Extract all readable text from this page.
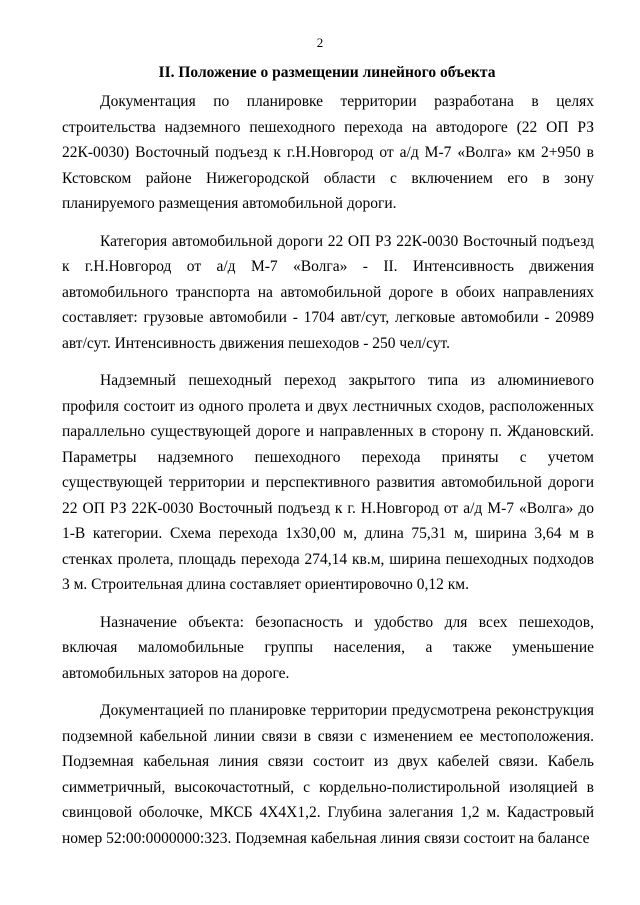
2
II. Положение о размещении линейного объекта

Документация по планировке территории разработана в целях строительства надземного пешеходного перехода на автодороге (22 ОП РЗ 22К-0030) Восточный подъезд к г.Н.Новгород от а/д М-7 «Волга» км 2+950 в Кстовском районе Нижегородской области с включением его в зону планируемого размещения автомобильной дороги.

Категория автомобильной дороги 22 ОП РЗ 22К-0030 Восточный подъезд к г.Н.Новгород от а/д М-7 «Волга» - II. Интенсивность движения автомобильного транспорта на автомобильной дороге в обоих направлениях составляет: грузовые автомобили - 1704 авт/сут, легковые автомобили - 20989 авт/сут. Интенсивность движения пешеходов - 250 чел/сут.

Надземный пешеходный переход закрытого типа из алюминиевого профиля состоит из одного пролета и двух лестничных сходов, расположенных параллельно существующей дороге и направленных в сторону п. Ждановский. Параметры надземного пешеходного перехода приняты с учетом существующей территории и перспективного развития автомобильной дороги 22 ОП РЗ 22К-0030 Восточный подъезд к г. Н.Новгород от а/д М-7 «Волга» до 1-В категории. Схема перехода 1х30,00 м, длина 75,31 м, ширина 3,64 м в стенках пролета, площадь перехода 274,14 кв.м, ширина пешеходных подходов 3 м. Строительная длина составляет ориентировочно 0,12 км.

Назначение объекта: безопасность и удобство для всех пешеходов, включая маломобильные группы населения, а также уменьшение автомобильных заторов на дороге.

Документацией по планировке территории предусмотрена реконструкция подземной кабельной линии связи в связи с изменением ее местоположения. Подземная кабельная линия связи состоит из двух кабелей связи. Кабель симметричный, высокочастотный, с кордельно-полистирольной изоляцией в свинцовой оболочке, МКСБ 4Х4Х1,2. Глубина залегания 1,2 м. Кадастровый номер 52:00:0000000:323. Подземная кабельная линия связи состоит на балансе
